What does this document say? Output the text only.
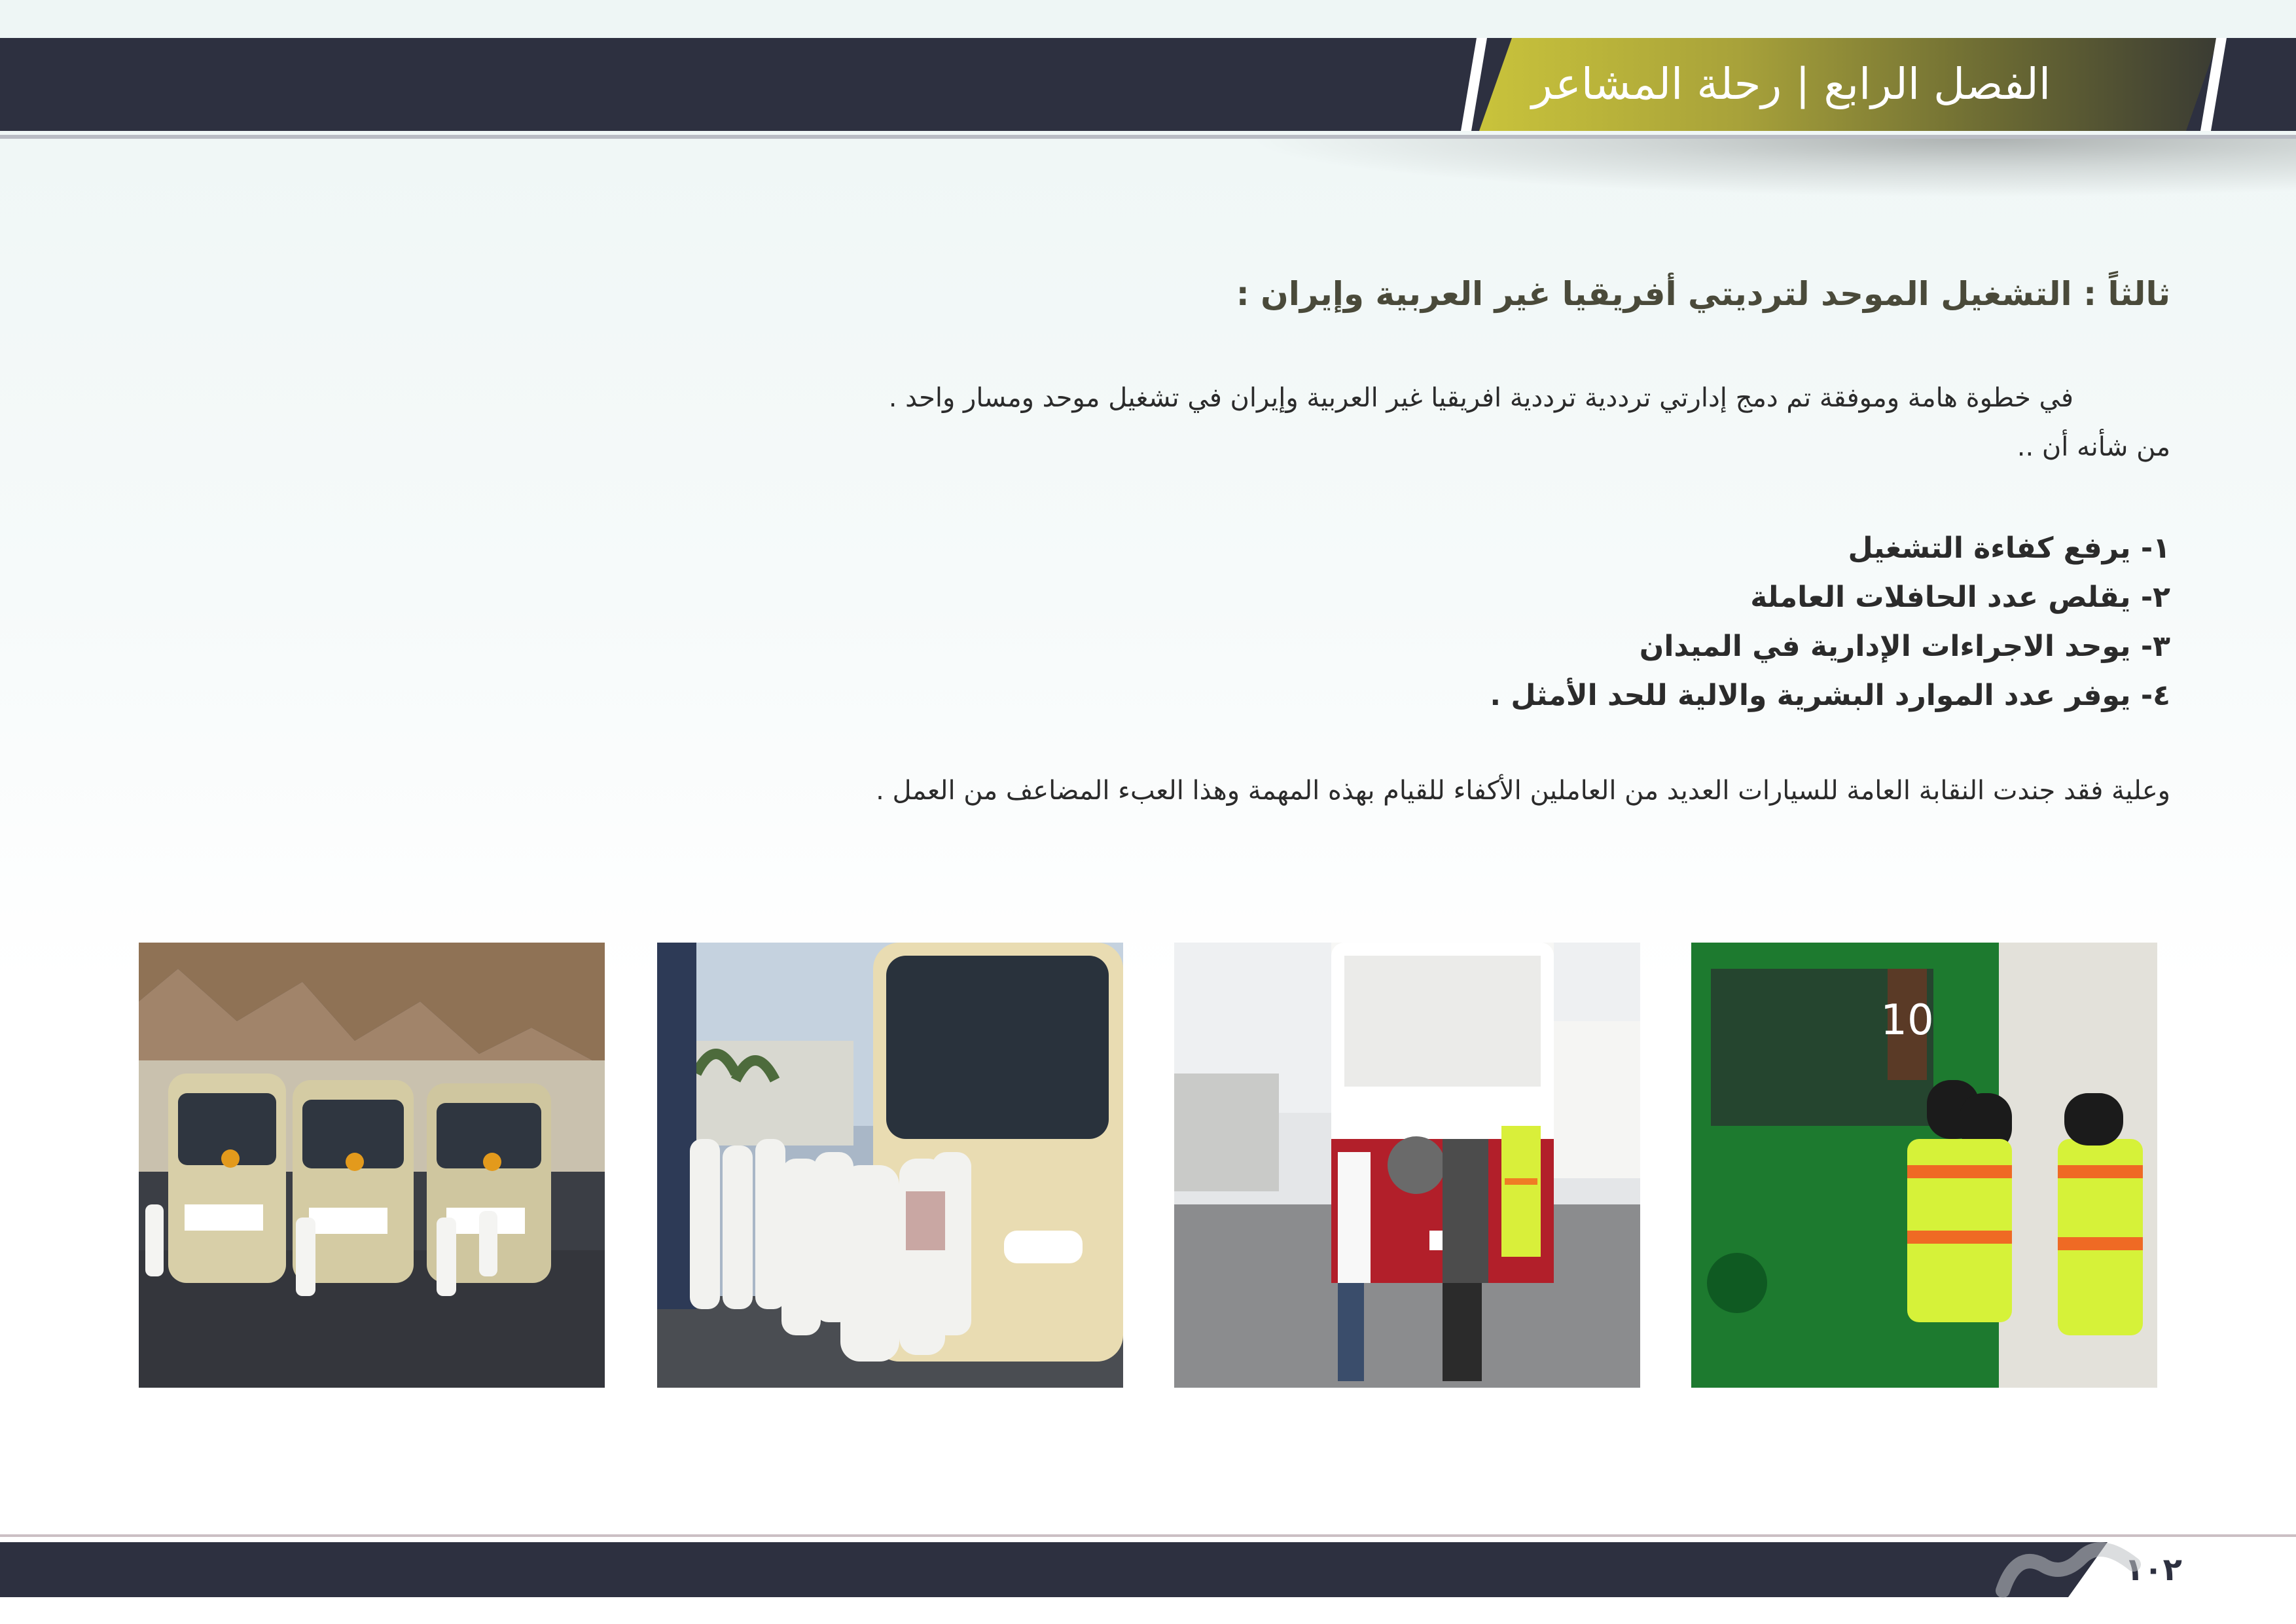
الفصل الرابع | رحلة المشاعر
ثالثاً : التشغيل الموحد لترديتي أفريقيا غير العربية وإيران :
في خطوة هامة وموفقة تم دمج إدارتي ترددية ترددية افريقيا غير العربية وإيران في تشغيل موحد ومسار واحد .
من شأنه أن ..
١- يرفع كفاءة التشغيل
٢- يقلص عدد الحافلات العاملة
٣- يوحد الاجراءات الإدارية في الميدان
٤- يوفر عدد الموارد البشرية والالية للحد الأمثل .
وعلية فقد جندت النقابة العامة للسيارات العديد من العاملين الأكفاء للقيام بهذه المهمة وهذا العبء المضاعف من العمل .
10
١٠٢
